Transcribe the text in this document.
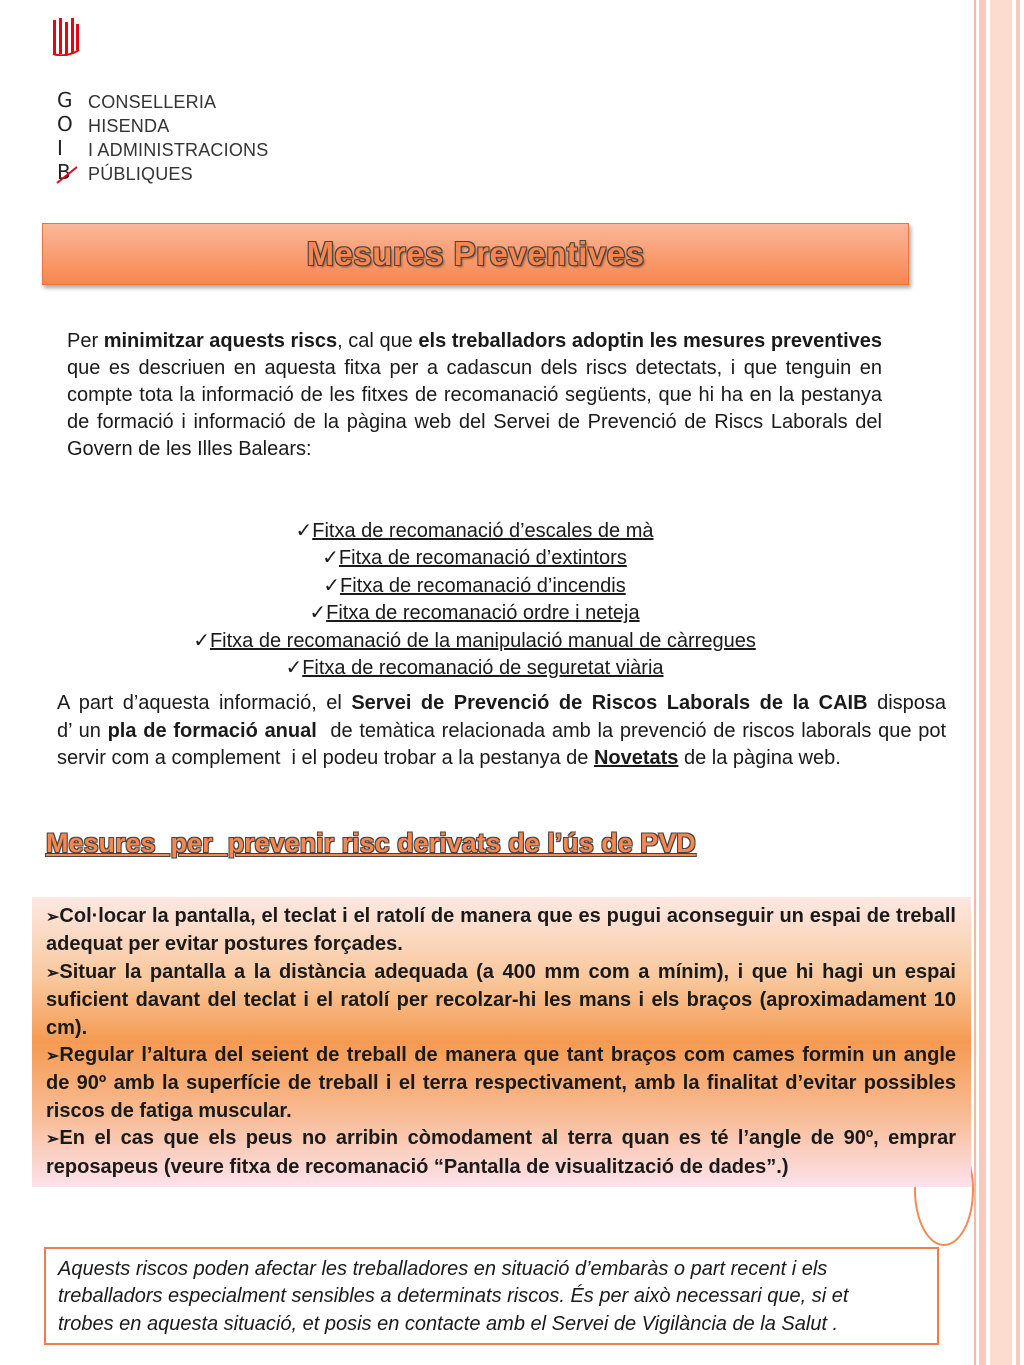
G
O
I
B
CONSELLERIA
HISENDA
I ADMINISTRACIONS
PÚBLIQUES
Mesures Preventives
Per minimitzar aquests riscs, cal que els treballadors adoptin les mesures preventives que es descriuen en aquesta fitxa per a cadascun dels riscs detectats, i que tenguin en compte tota la informació de les fitxes de recomanació següents, que hi ha en la pestanya de formació i informació de la pàgina web del Servei de Prevenció de Riscs Laborals del Govern de les Illes Balears:
✓Fitxa de recomanació d’escales de mà
✓Fitxa de recomanació d’extintors
✓Fitxa de recomanació d’incendis
✓Fitxa de recomanació ordre i neteja
✓Fitxa de recomanació de la manipulació manual de càrregues
✓Fitxa de recomanació de seguretat viària
A part d’aquesta informació, el Servei de Prevenció de Riscos Laborals de la CAIB disposa        d’ un pla de formació anual  de temàtica relacionada amb la prevenció de riscos laborals que pot servir com a complement  i el podeu trobar a la pestanya de Novetats de la pàgina web.
Mesures  per  prevenir risc derivats de l’ús de PVD
➢Col·locar la pantalla, el teclat i el ratolí de manera que es pugui aconseguir un espai de treball adequat per evitar postures forçades.
➢Situar la pantalla a la distància adequada (a 400 mm com a mínim), i que hi hagi un espai suficient davant del teclat i el ratolí per recolzar-hi les mans i els braços (aproximadament 10 cm).
➢Regular l’altura del seient de treball de manera que tant braços com cames formin un angle de 90º amb la superfície de treball i el terra respectivament, amb la finalitat d’evitar possibles riscos de fatiga muscular.
➢En el cas que els peus no arribin còmodament al terra quan es té l’angle de 90º, emprar reposapeus (veure fitxa de recomanació “Pantalla de visualització de dades”.)
Aquests riscos poden afectar les treballadores en situació d’embaràs o part recent i els treballadors especialment sensibles a determinats riscos. És per això necessari que, si et trobes en aquesta situació, et posis en contacte amb el Servei de Vigilància de la Salut .
